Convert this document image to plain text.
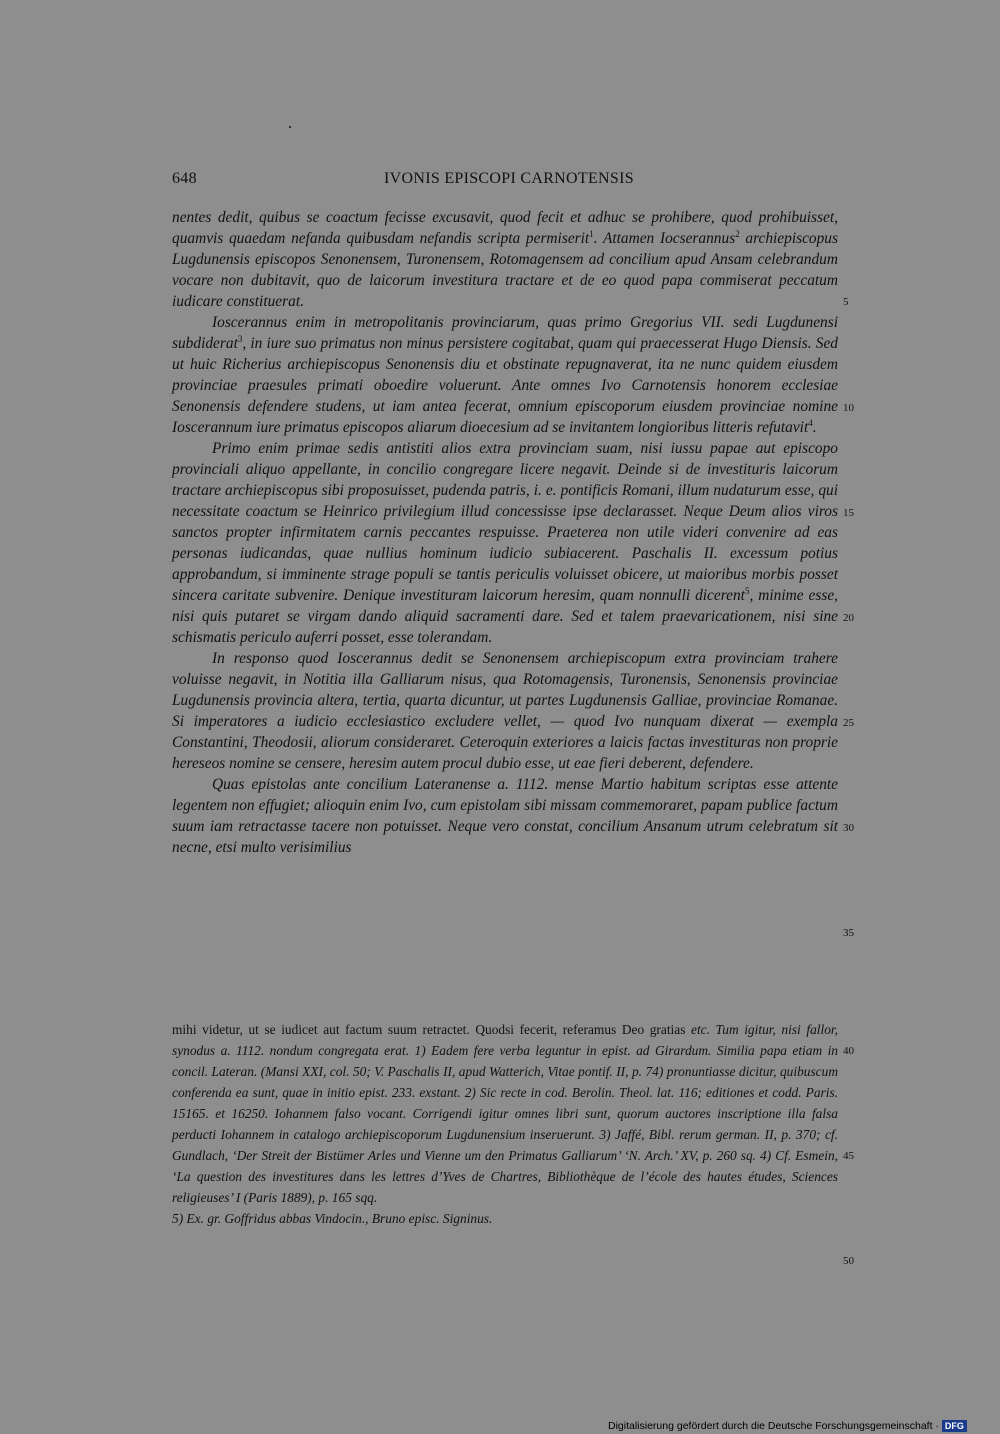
648	IVONIS EPISCOPI CARNOTENSIS

nentes dedit, quibus se coactum fecisse excusavit, quod fecit et adhuc se prohibere, quod prohibuisset, quamvis quaedam nefanda quibusdam nefandis scripta permiserit$^1$. Attamen Iocserannus$^2$ archiepiscopus Lugdunensis episcopos Senonensem, Turonensem, Rotomagensem ad concilium apud Ansam celebrandum vocare non dubitavit, quo de laicorum investitura tractare et de eo quod papa commiserat peccatum iudicare constituerat.

Ioscerannus enim in metropolitanis provinciarum, quas primo Gregorius VII. sedi Lugdunensi subdiderat$^3$, in iure suo primatus non minus persistere cogitabat, quam qui praecesserat Hugo Diensis. Sed ut huic Richerius archiepiscopus Senonensis diu et obstinate repugnaverat, ita ne nunc quidem eiusdem provinciae praesules primati oboedire voluerunt. Ante omnes Ivo Carnotensis honorem ecclesiae Senonensis defendere studens, ut iam antea fecerat, omnium episcoporum eiusdem provinciae nomine Ioscerannum iure primatus episcopos aliarum dioecesium ad se invitantem longioribus litteris refutavit$^4$.

Primo enim primae sedis antistiti alios extra provinciam suam, nisi iussu papae aut episcopo provinciali aliquo appellante, in concilio congregare licere negavit. Deinde si de investituris laicorum tractare archiepiscopus sibi proposuisset, pudenda patris, i. e. pontificis Romani, illum nudaturum esse, qui necessitate coactum se Heinrico privilegium illud concessisse ipse declarasset. Neque Deum alios viros sanctos propter infirmitatem carnis peccantes respuisse. Praeterea non utile videri convenire ad eas personas iudicandas, quae nullius hominum iudicio subiacerent. Paschalis II. excessum potius approbandum, si imminente strage populi se tantis periculis voluisset obicere, ut maioribus morbis posset sincera caritate subvenire. Denique investituram laicorum heresim, quam nonnulli dicerent$^5$, minime esse, nisi quis putaret se virgam dando aliquid sacramenti dare. Sed et talem praevaricationem, nisi sine schismatis periculo auferri posset, esse tolerandam.

In responso quod Ioscerannus dedit se Senonensem archiepiscopum extra provinciam trahere voluisse negavit, in Notitia illa Galliarum nisus, qua Rotomagensis, Turonensis, Senonensis provinciae Lugdunensis provincia altera, tertia, quarta dicuntur, ut partes Lugdunensis Galliae, provinciae Romanae. Si imperatores a iudicio ecclesiastico excludere vellet, — quod Ivo nunquam dixerat — exempla Constantini, Theodosii, aliorum consideraret. Ceteroquin exteriores a laicis factas investituras non proprie hereseos nomine se censere, heresim autem procul dubio esse, ut eae fieri deberent, defendere.

Quas epistolas ante concilium Lateranense a. 1112. mense Martio habitum scriptas esse attente legentem non effugiet; alioquin enim Ivo, cum epistolam sibi missam commemoraret, papam publice factum suum iam retractasse tacere non potuisset. Neque vero constat, concilium Ansanum utrum celebratum sit necne, etsi multo verisimilius

mihi videtur, ut se iudicet aut factum suum retractet. Quodsi fecerit, referamus Deo gratias etc. Tum igitur, nisi fallor, synodus a. 1112. nondum congregata erat. 1) Eadem fere verba leguntur in epist. ad Girardum. Similia papa etiam in concil. Lateran. (Mansi XXI, col. 50; V. Paschalis II, apud Watterich, Vitae pontif. II, p. 74) pronuntiasse dicitur, quibuscum conferenda ea sunt, quae in initio epist. 233. exstant. 2) Sic recte in cod. Berolin. Theol. lat. 116; editiones et codd. Paris. 15165. et 16250. Iohannem falso vocant. Corrigendi igitur omnes libri sunt, quorum auctores inscriptione illa falsa perducti Iohannem in catalogo archiepiscoporum Lugdunensium inseruerunt. 3) Jaffé, Bibl. rerum german. II, p. 370; cf. Gundlach, ‘Der Streit der Bistümer Arles und Vienne um den Primatus Galliarum’ ‘N. Arch.’ XV, p. 260 sq. 4) Cf. Esmein, ‘La question des investitures dans les lettres d’Yves de Chartres, Bibliothèque de l’école des hautes études, Sciences religieuses’ I (Paris 1889), p. 165 sqq.
5) Ex. gr. Goffridus abbas Vindocin., Bruno episc. Signinus.
5
10
15
20
25
30
35
40
45
50
Digitalisierung gefördert durch die Deutsche Forschungsgemeinschaft · DFG
